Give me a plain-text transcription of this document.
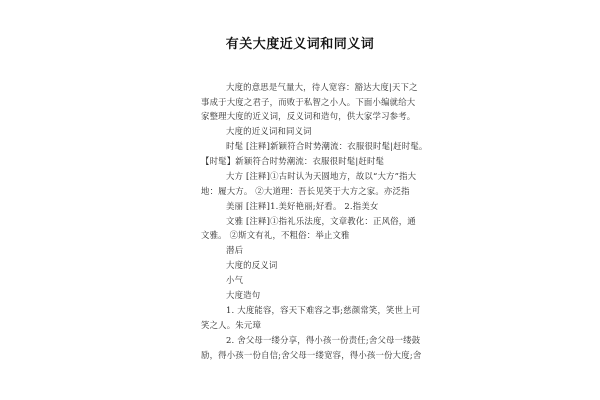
有关大度近义词和同义词
大度的意思是气量大，待人宽容：豁达大度|天下之
事成于大度之君子，而败于私智之小人。下面小编就给大
家整理大度的近义词，反义词和造句，供大家学习参考。
大度的近义词和同义词
时髦 [注释]新颖符合时势潮流：衣服很时髦|赶时髦。
【时髦】新颖符合时势潮流：衣服很时髦|赶时髦
大方 [注释]①古时认为天圆地方，故以“大方”指大
地：履大方。 ②大道理：吾长见笑于大方之家。亦泛指
美丽 [注释]1.美好艳丽;好看。 2.指美女
文雅 [注释]①指礼乐法度，文章教化：正风俗，通
文雅。 ②斯文有礼，不粗俗：举止文雅
潜后
大度的反义词
小气
大度造句
1. 大度能容，容天下难容之事;慈颜常笑，笑世上可
笑之人。朱元璋
2. 舍父母一缕分享，得小孩一份责任;舍父母一缕鼓
励，得小孩一份自信;舍父母一缕宽容，得小孩一份大度;舍
